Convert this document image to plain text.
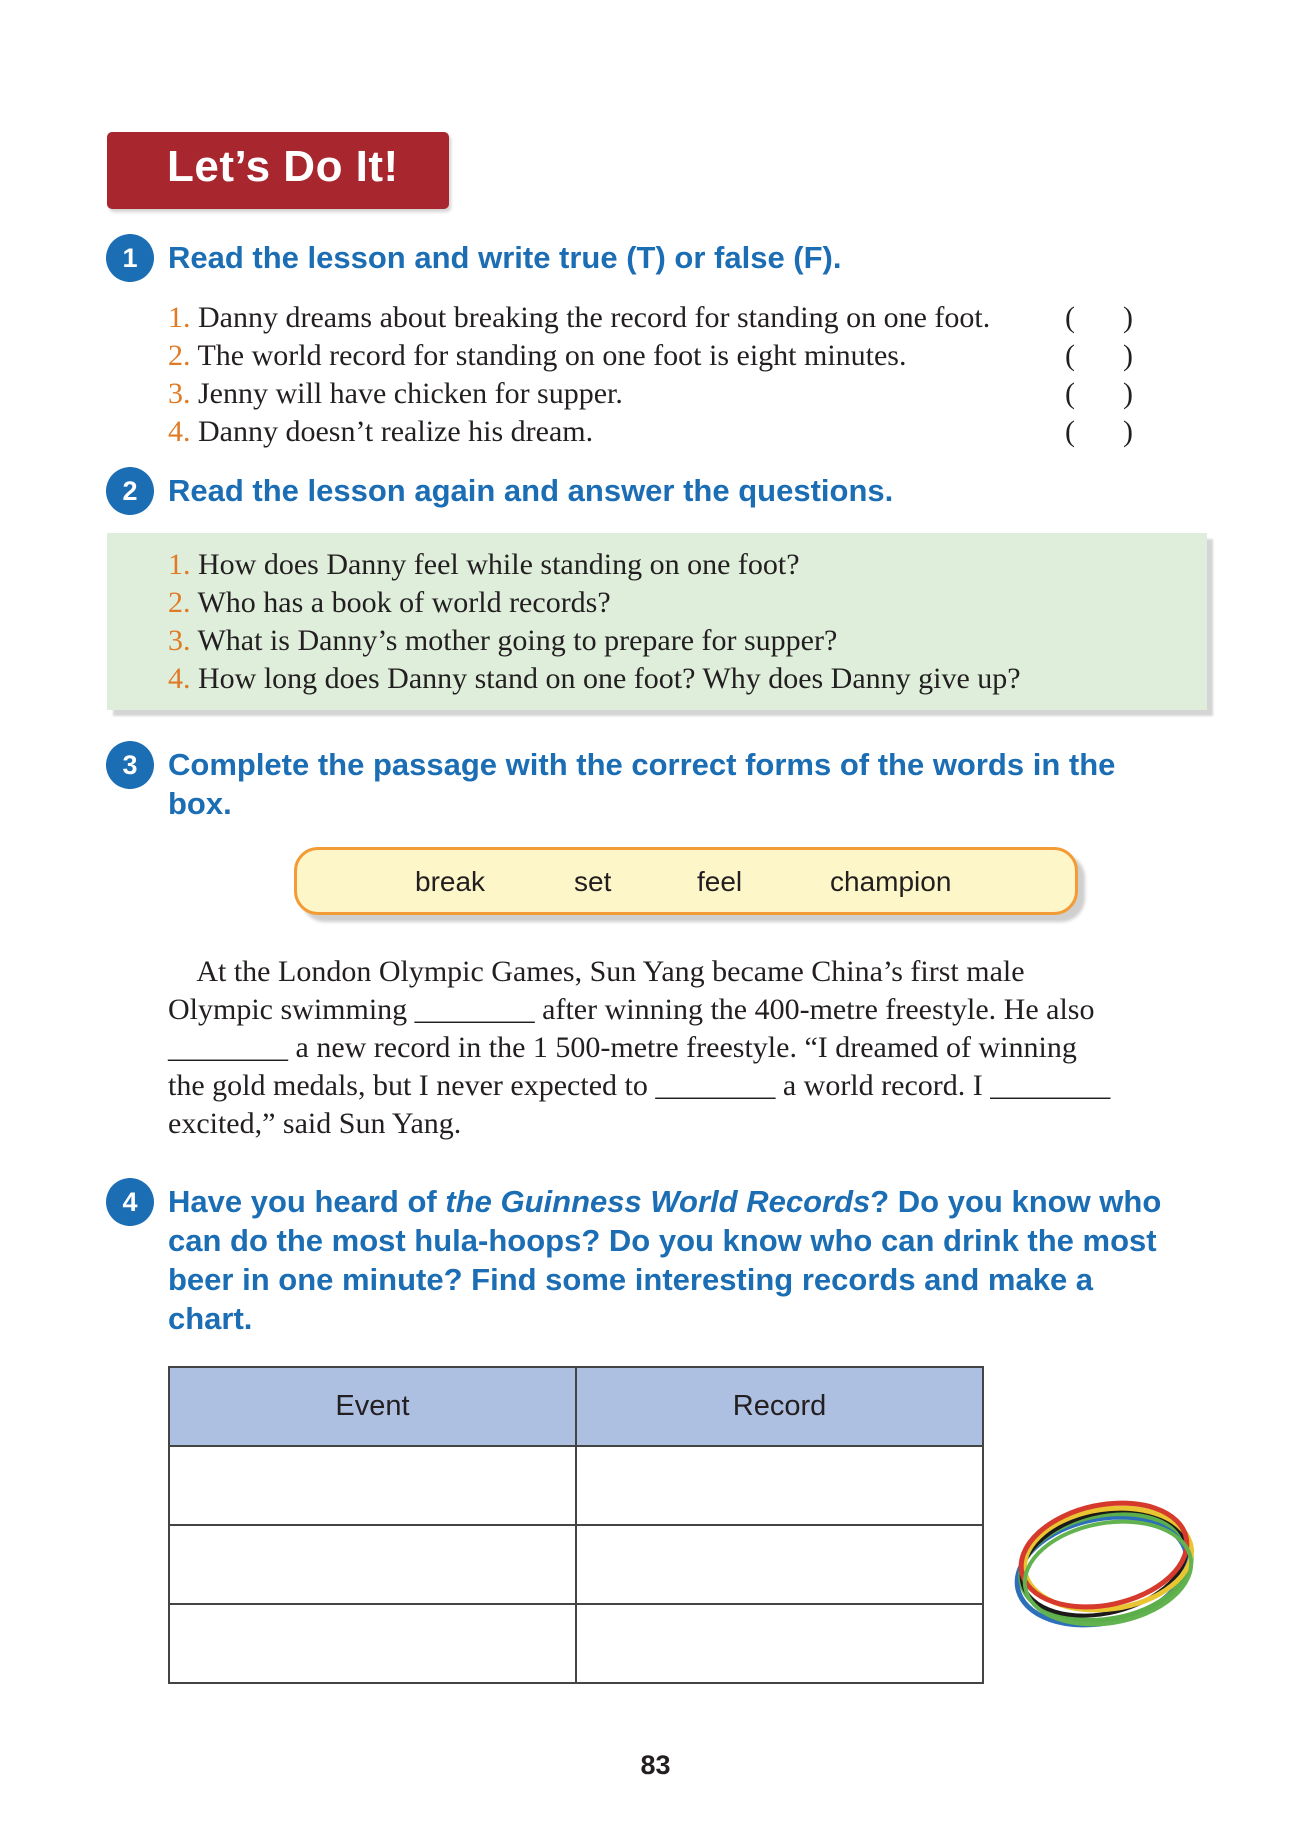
Let’s Do It!
1 Read the lesson and write true (T) or false (F).
1. Danny dreams about breaking the record for standing on one foot. ( )
2. The world record for standing on one foot is eight minutes.	( )
3. Jenny will have chicken for supper.	( )
4. Danny doesn’t realize his dream.	( )
2 Read the lesson again and answer the questions.
1. How does Danny feel while standing on one foot?
2. Who has a book of world records?
3. What is Danny’s mother going to prepare for supper?
4. How long does Danny stand on one foot? Why does Danny give up?
3 Complete the passage with the correct forms of the words in the
box.
break	set	feel	champion
At the London Olympic Games, Sun Yang became China’s first male
Olympic swimming ________ after winning the 400-metre freestyle. He also
________ a new record in the 1 500-metre freestyle. “I dreamed of winning
the gold medals, but I never expected to ________ a world record. I ________
excited,” said Sun Yang.
4 Have you heard of the Guinness World Records? Do you know who
can do the most hula-hoops? Do you know who can drink the most
beer in one minute? Find some interesting records and make a
chart.
Event	Record

83
